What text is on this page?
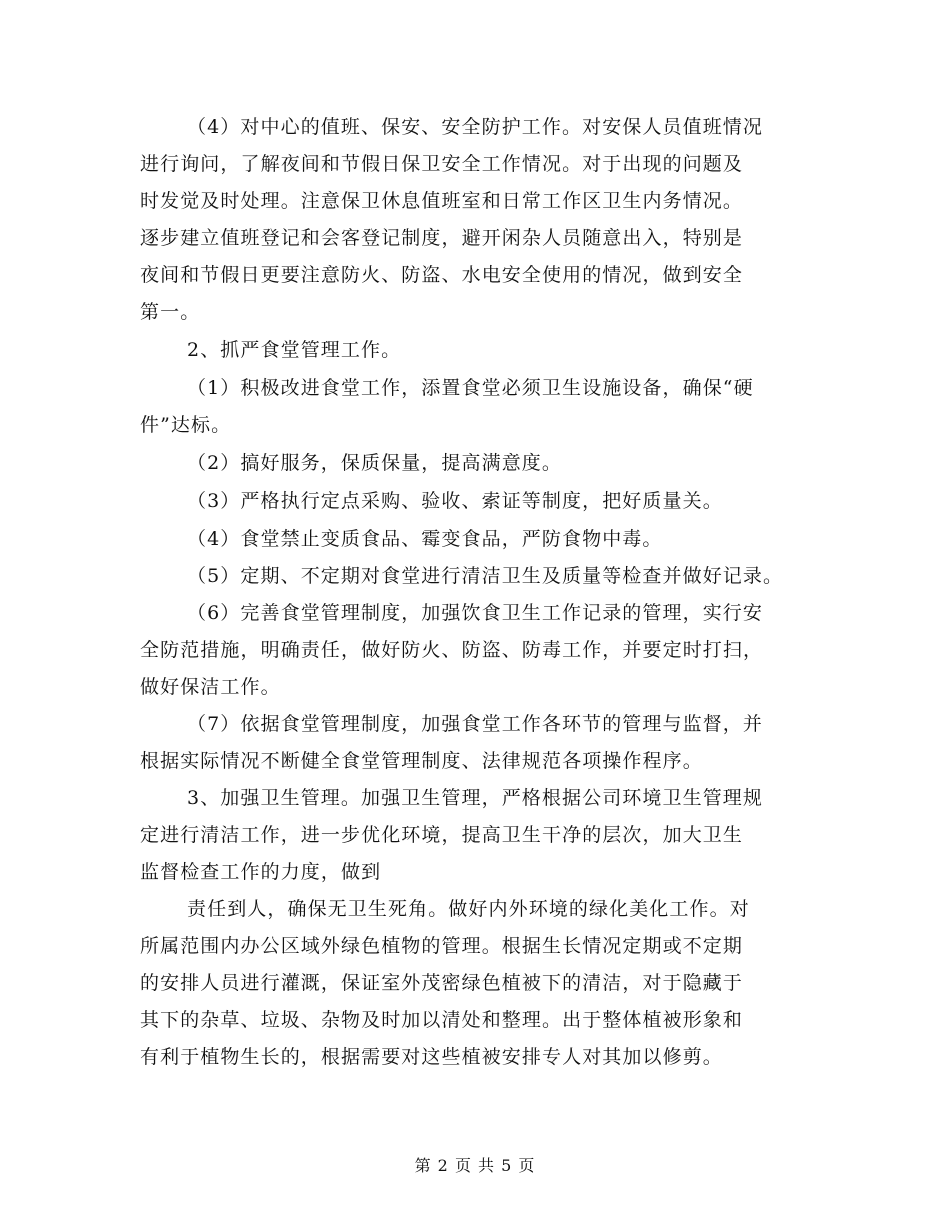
（4）对中心的值班、保安、安全防护工作。对安保人员值班情况
进行询问，了解夜间和节假日保卫安全工作情况。对于出现的问题及
时发觉及时处理。注意保卫休息值班室和日常工作区卫生内务情况。
逐步建立值班登记和会客登记制度，避开闲杂人员随意出入，特别是
夜间和节假日更要注意防火、防盗、水电安全使用的情况，做到安全
第一。
2、抓严食堂管理工作。
（1）积极改进食堂工作，添置食堂必须卫生设施设备，确保“硬
件”达标。
（2）搞好服务，保质保量，提高满意度。
（3）严格执行定点采购、验收、索证等制度，把好质量关。
（4）食堂禁止变质食品、霉变食品，严防食物中毒。
（5）定期、不定期对食堂进行清洁卫生及质量等检查并做好记录。
（6）完善食堂管理制度，加强饮食卫生工作记录的管理，实行安
全防范措施，明确责任，做好防火、防盗、防毒工作，并要定时打扫，
做好保洁工作。
（7）依据食堂管理制度，加强食堂工作各环节的管理与监督，并
根据实际情况不断健全食堂管理制度、法律规范各项操作程序。
3、加强卫生管理。加强卫生管理，严格根据公司环境卫生管理规
定进行清洁工作，进一步优化环境，提高卫生干净的层次，加大卫生
监督检查工作的力度，做到
责任到人，确保无卫生死角。做好内外环境的绿化美化工作。对
所属范围内办公区域外绿色植物的管理。根据生长情况定期或不定期
的安排人员进行灌溉，保证室外茂密绿色植被下的清洁，对于隐藏于
其下的杂草、垃圾、杂物及时加以清处和整理。出于整体植被形象和
有利于植物生长的，根据需要对这些植被安排专人对其加以修剪。
第 2 页 共 5 页
